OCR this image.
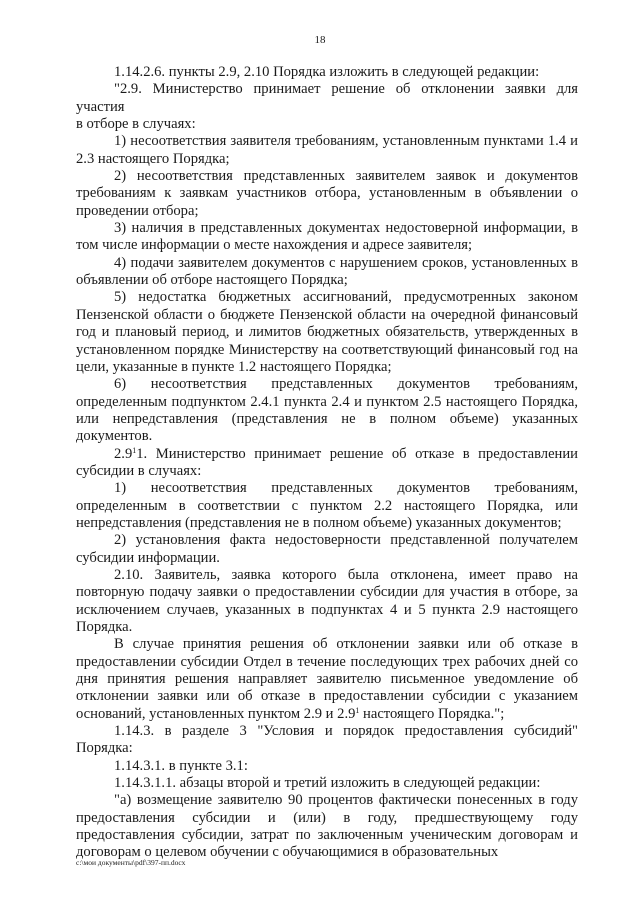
18

1.14.2.6. пункты 2.9, 2.10 Порядка изложить в следующей редакции:

"2.9. Министерство принимает решение об отклонении заявки для участия

в отборе в случаях:

1) несоответствия заявителя требованиям, установленным пунктами 1.4 и 2.3 настоящего Порядка;

2) несоответствия представленных заявителем заявок и документов требованиям к заявкам участников отбора, установленным в объявлении о проведении отбора;

3) наличия в представленных документах недостоверной информации, в том числе информации о месте нахождения и адресе заявителя;

4) подачи заявителем документов с нарушением сроков, установленных в объявлении об отборе настоящего Порядка;

5) недостатка бюджетных ассигнований, предусмотренных законом Пензенской области о бюджете Пензенской области на очередной финансовый год и плановый период, и лимитов бюджетных обязательств, утвержденных в установленном порядке Министерству на соответствующий финансовый год на цели, указанные в пункте 1.2 настоящего Порядка;

6) несоответствия представленных документов требованиям, определенным подпунктом 2.4.1 пункта 2.4 и пунктом 2.5 настоящего Порядка, или непредставления (представления не в полном объеме) указанных документов.

$2.9^11$. Министерство принимает решение об отказе в предоставлении субсидии в случаях:

1) несоответствия представленных документов требованиям, определенным в соответствии с пунктом 2.2 настоящего Порядка, или непредставления (представления не в полном объеме) указанных документов;

2) установления факта недостоверности представленной получателем субсидии информации.

2.10. Заявитель, заявка которого была отклонена, имеет право на повторную подачу заявки о предоставлении субсидии для участия в отборе, за исключением случаев, указанных в подпунктах 4 и 5 пункта 2.9 настоящего Порядка.

В случае принятия решения об отклонении заявки или об отказе в предоставлении субсидии Отдел в течение последующих трех рабочих дней со дня принятия решения направляет заявителю письменное уведомление об отклонении заявки или об отказе в предоставлении субсидии с указанием оснований, установленных пунктом 2.9 и $2.9^1$ настоящего Порядка.";

1.14.3. в разделе 3 "Условия и порядок предоставления субсидий" Порядка:

1.14.3.1. в пункте 3.1:

1.14.3.1.1. абзацы второй и третий изложить в следующей редакции:

"а) возмещение заявителю 90 процентов фактически понесенных в году предоставления субсидии и (или) в году, предшествующему году предоставления субсидии, затрат по заключенным ученическим договорам и договорам о целевом обучении с обучающимися в образовательных

c:\мои документы\pdf\397-пп.docx
